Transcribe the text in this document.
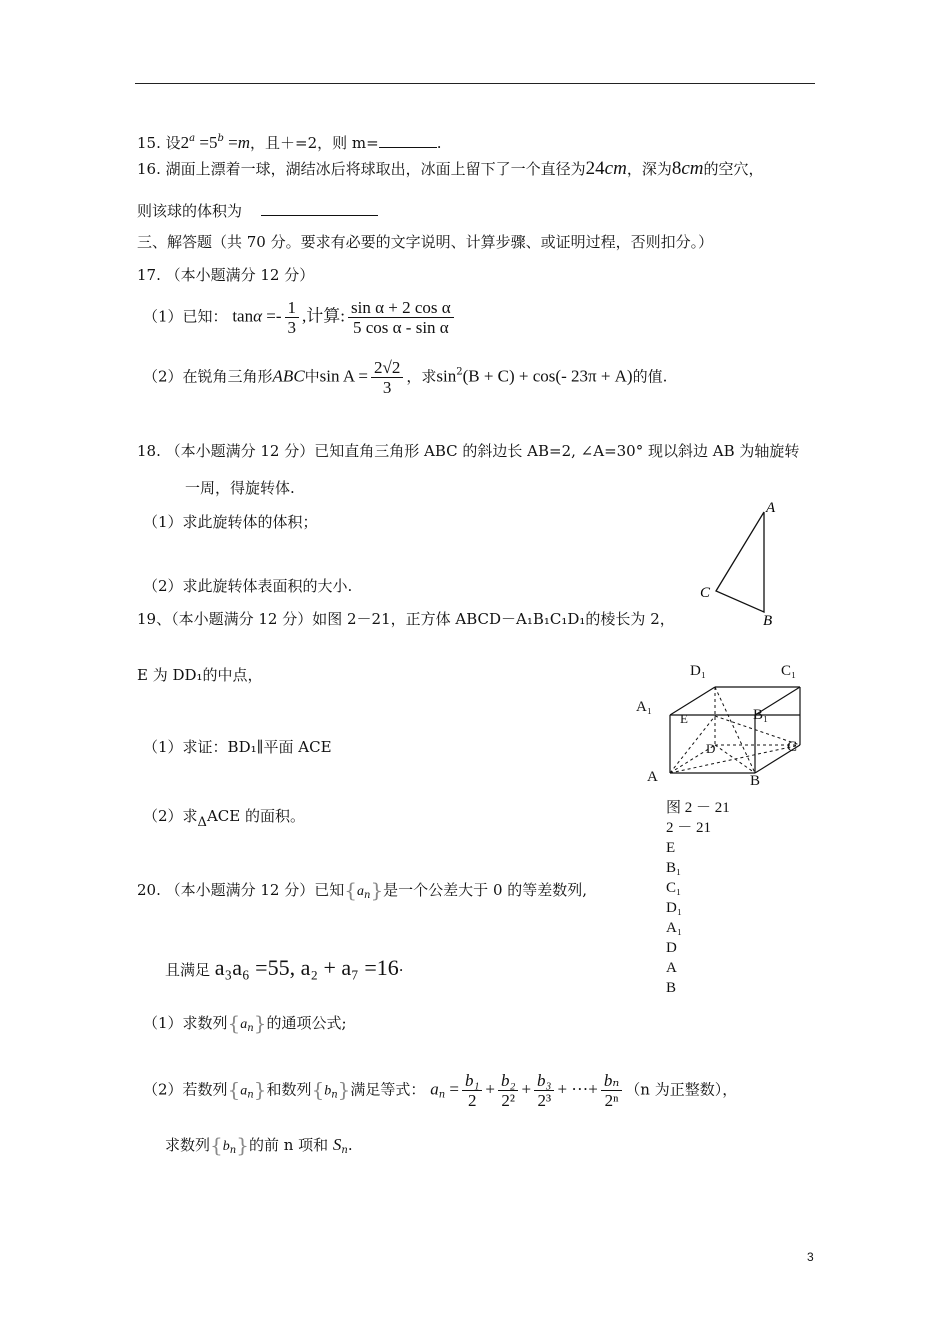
15. 设$2^a =5^b =m$，且＋=2，则 m=	.
16. 湖面上漂着一球，湖结冰后将球取出，冰面上留下了一个直径为24cm，深为8cm的空穴，
则该球的体积为
三、解答题（共 70 分。要求有必要的文字说明、计算步骤、或证明过程，否则扣分。）
17. （本小题满分 12 分）
（1）已知： $\tan\alpha =- \frac{1}{3}$ ,计算: $\frac{\text{sin α + 2 cos α}}{\text{5 cos α - sin α}}$
（2）在锐角三角形ABC中$\sin A = \frac{2√2}{3}$ ，求$\sin^2(B + C) + \cos(-$ 23π + A)的值.
18. （本小题满分 12 分）已知直角三角形 ABC 的斜边长 AB=2, ∠A=30° 现以斜边 AB 为轴旋转
一周，得旋转体.
（1）求此旋转体的体积；
（2）求此旋转体表面积的大小.
A
C
B
19、（本小题满分 12 分）如图 2－21，正方体 ABCD－A₁B₁C₁D₁的棱长为 2，
E 为 DD₁的中点，
（1）求证：BD₁∥平面 ACE
（2）求ΔACE 的面积。
D₁	C₁
A₁
E	B₁
D	C
A	B
图 2 － 21
2 － 21
E
B₁
C₁
D₁
A₁
D
A
B
20. （本小题满分 12 分）已知$\{a_n\}$是一个公差大于 0 的等差数列,
且满足 a₃a₆ =55, a₂ + a₇ =16·
（1）求数列$\{a_n\}$的通项公式;
（2）若数列$\{a_n\}$和数列$\{b_n\}$满足等式： $a_n = \frac{\text{b₁}}{2} + \frac{\text{b₂}}{\text{2²}} + \frac{\text{b₃}}{\text{2³}}$ + ···+ $\frac{\text{bₙ}}{\text{2ⁿ}} (n$ 为正整数），
求数列$\{b_n\}$的前 n 项和 $S_n$.
3
